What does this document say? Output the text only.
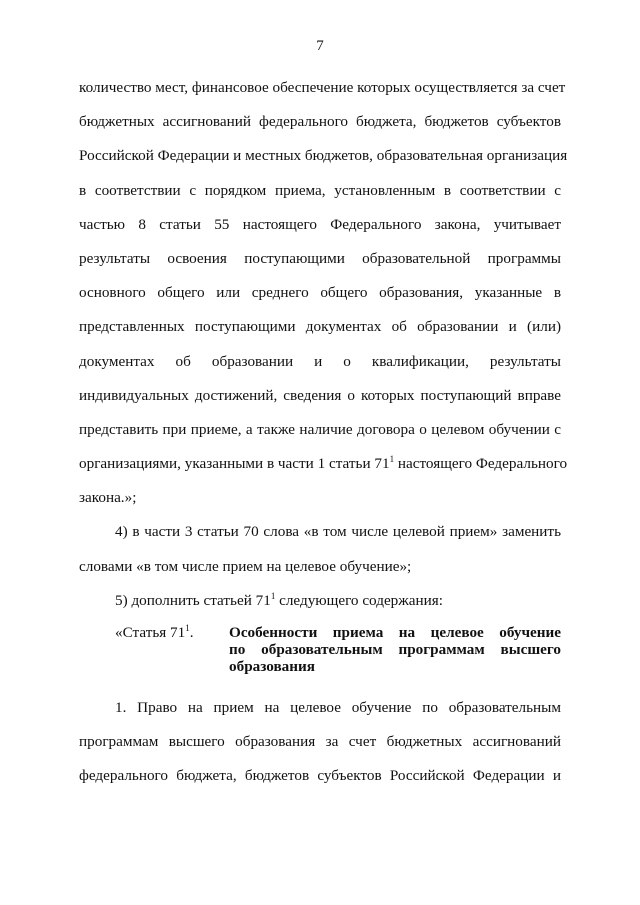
7
количество мест, финансовое обеспечение которых осуществляется за счет
бюджетных ассигнований федерального бюджета, бюджетов субъектов
Российской Федерации и местных бюджетов, образовательная организация
в соответствии с порядком приема, установленным в соответствии с
частью 8 статьи 55 настоящего Федерального закона, учитывает
результаты освоения поступающими образовательной программы
основного общего или среднего общего образования, указанные в
представленных поступающими документах об образовании и (или)
документах об образовании и о квалификации, результаты
индивидуальных достижений, сведения о которых поступающий вправе
представить при приеме, а также наличие договора о целевом обучении с
организациями, указанными в части 1 статьи $71^1$ настоящего Федерального
закона.»;
4) в части 3 статьи 70 слова «в том числе целевой прием» заменить
словами «в том числе прием на целевое обучение»;
5) дополнить статьей $71^1$ следующего содержания:
«Статья $71^1$.	Особенности приема на целевое обучение
по образовательным программам высшего
образования
1. Право на прием на целевое обучение по образовательным
программам высшего образования за счет бюджетных ассигнований
федерального бюджета, бюджетов субъектов Российской Федерации и
